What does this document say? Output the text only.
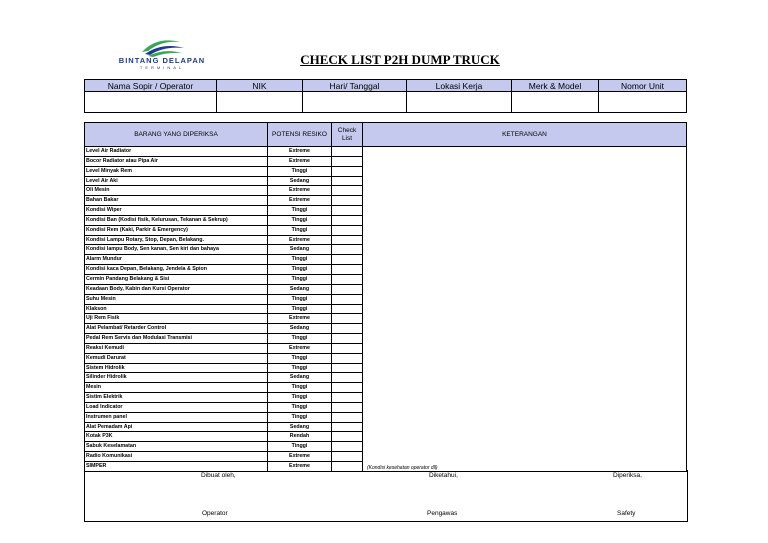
BINTANG DELAPAN
TERMINAL
CHECK LIST P2H DUMP TRUCK
Nama Sopir / Operator	NIK	Hari/ Tanggal	Lokasi Kerja	Merk & Model	Nomor Unit

BARANG YANG DIPERIKSA	POTENSI RESIKO	Check List	KETERANGAN
Level Air Radiator	Extreme		(Kondisi kesehatan operator dll)
Bocor Radiator atau Pipa Air	Extreme		
Level Minyak Rem	Tinggi		
Level Air Aki	Sedang		
Oli Mesin	Extreme		
Bahan Bakar	Extreme		
Kondisi Wiper	Tinggi		
Kondisi Ban (Kodisi fisik, Kelurusan, Tekanan & Sekrup)	Tinggi		
Kondisi Rem (Kaki, Parkir & Emergency)	Tinggi		
Kondisi Lampu Rotary, Stop, Depan, Belakang.	Extreme		
Kondisi lampu Body, Sen kanan, Sen kiri dan bahaya	Sedang		
Alarm Mundur	Tinggi		
Kondisi kaca Depan, Belakang, Jendela & Spion	Tinggi		
Cermin Pandang Belakang & Sisi	Tinggi		
Keadaan Body, Kabin dan Kursi Operator	Sedang		
Suhu Mesin	Tinggi		
Klakson	Tinggi		
Uji Rem Fisik	Extreme		
Alat Pelambat/ Retarder Control	Sedang		
Pedal Rem Servis dan Modulasi Transmisi	Tinggi		
Reaksi Kemudi	Extreme		
Kemudi Darurat	Tinggi		
Sistem Hidrolik	Tinggi		
Silinder Hidrolik	Sedang		
Mesin	Tinggi		
Sistim Elektrik	Tinggi		
Load Indicator	Tinggi		
Instrumen panel	Tinggi		
Alat Pemadam Api	Sedang		
Kotak P3K	Rendah		
Sabuk Keselamatan	Tinggi		
Radio Komunikasi	Extreme		
SIMPER	Extreme		
Dibuat oleh,	Diketahui,	Diperiksa,
Operator	Pengawas	Safety
